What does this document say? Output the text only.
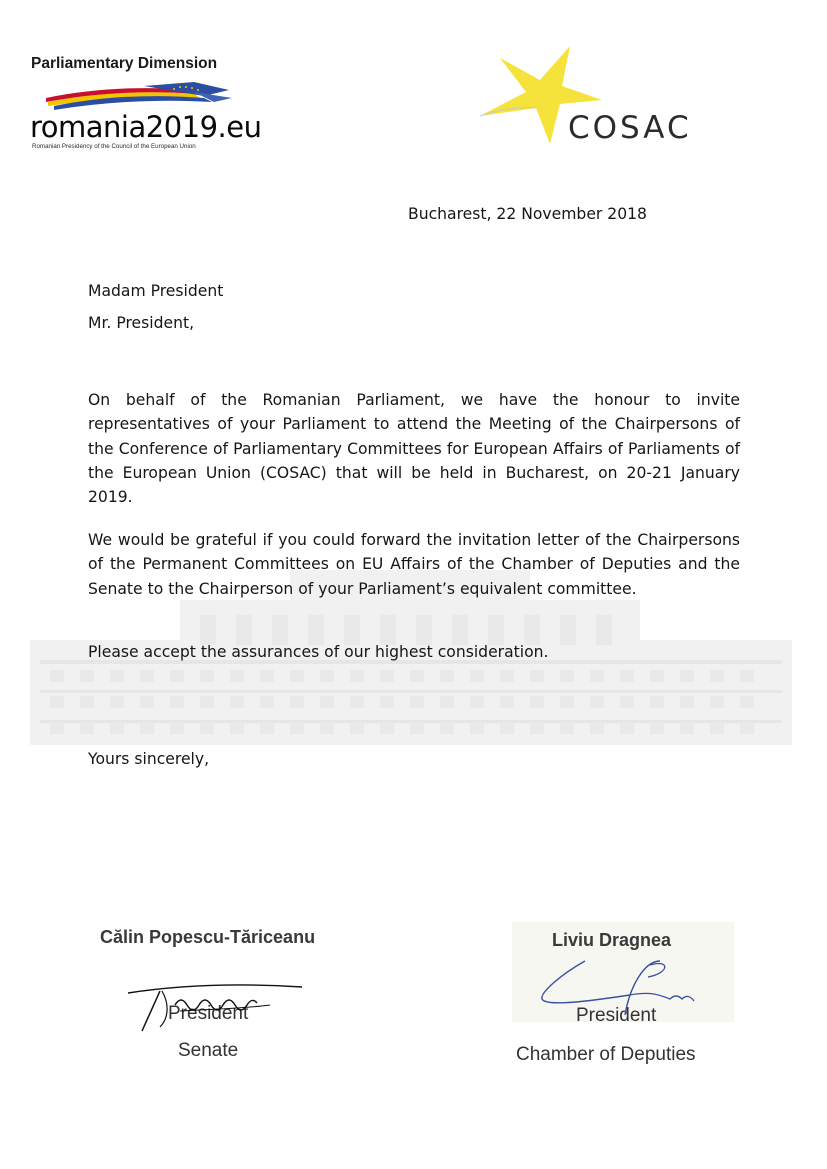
Parliamentary Dimension
romania2019.eu
Romanian Presidency of the Council of the European Union
COSAC
Bucharest, 22 November 2018
Madam President
Mr. President,

On behalf of the Romanian Parliament, we have the honour to invite representatives of your Parliament to attend the Meeting of the Chairpersons of the Conference of Parliamentary Committees for European Affairs of Parliaments of the European Union (COSAC) that will be held in Bucharest, on 20-21 January 2019.

We would be grateful if you could forward the invitation letter of the Chairpersons of the Permanent Committees on EU Affairs of the Chamber of Deputies and the Senate to the Chairperson of your Parliament’s equivalent committee.

Please accept the assurances of our highest consideration.

Yours sincerely,
Călin Popescu-Tăriceanu
President
Senate
Liviu Dragnea
President
Chamber of Deputies
